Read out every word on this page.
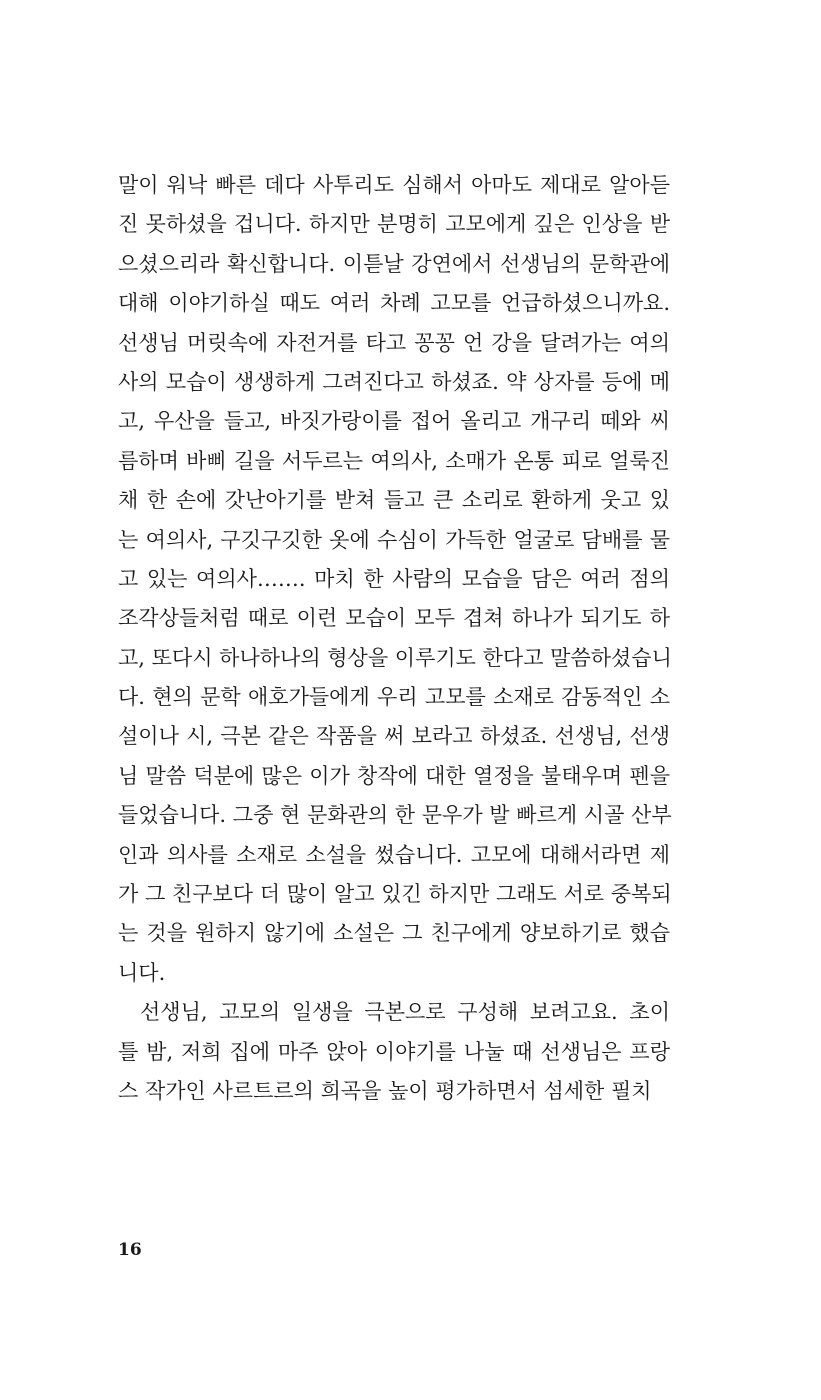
말이 워낙 빠른 데다 사투리도 심해서 아마도 제대로 알아듣
진 못하셨을 겁니다. 하지만 분명히 고모에게 깊은 인상을 받
으셨으리라 확신합니다. 이튿날 강연에서 선생님의 문학관에
대해 이야기하실 때도 여러 차례 고모를 언급하셨으니까요.
선생님 머릿속에 자전거를 타고 꽁꽁 언 강을 달려가는 여의
사의 모습이 생생하게 그려진다고 하셨죠. 약 상자를 등에 메
고, 우산을 들고, 바짓가랑이를 접어 올리고 개구리 떼와 씨
름하며 바삐 길을 서두르는 여의사, 소매가 온통 피로 얼룩진
채 한 손에 갓난아기를 받쳐 들고 큰 소리로 환하게 웃고 있
는 여의사, 구깃구깃한 옷에 수심이 가득한 얼굴로 담배를 물
고 있는 여의사……. 마치 한 사람의 모습을 담은 여러 점의
조각상들처럼 때로 이런 모습이 모두 겹쳐 하나가 되기도 하
고, 또다시 하나하나의 형상을 이루기도 한다고 말씀하셨습니
다. 현의 문학 애호가들에게 우리 고모를 소재로 감동적인 소
설이나 시, 극본 같은 작품을 써 보라고 하셨죠. 선생님, 선생
님 말씀 덕분에 많은 이가 창작에 대한 열정을 불태우며 펜을
들었습니다. 그중 현 문화관의 한 문우가 발 빠르게 시골 산부
인과 의사를 소재로 소설을 썼습니다. 고모에 대해서라면 제
가 그 친구보다 더 많이 알고 있긴 하지만 그래도 서로 중복되
는 것을 원하지 않기에 소설은 그 친구에게 양보하기로 했습
니다.
선생님, 고모의 일생을 극본으로 구성해 보려고요. 초이
틀 밤, 저희 집에 마주 앉아 이야기를 나눌 때 선생님은 프랑
스 작가인 사르트르의 희곡을 높이 평가하면서 섬세한 필치
16
